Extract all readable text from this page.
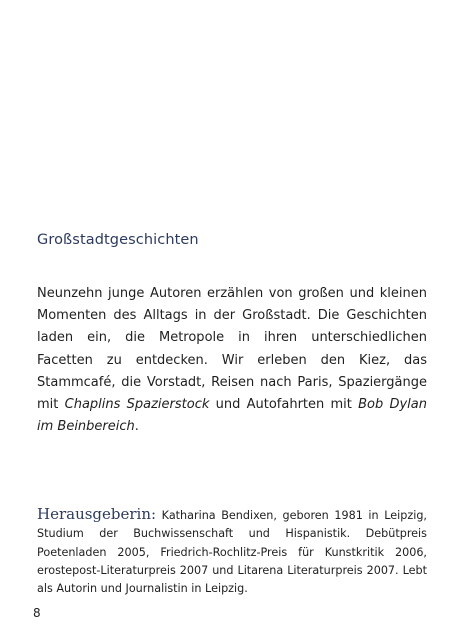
Großstadtgeschichten

Neunzehn junge Autoren erzählen von großen und kleinen Momenten des Alltags in der Großstadt. Die Geschichten laden ein, die Metropole in ihren unterschiedlichen Facetten zu entdecken. Wir erleben den Kiez, das Stammcafé, die Vorstadt, Reisen nach Paris, Spaziergänge mit Chaplins Spazierstock und Autofahrten mit Bob Dylan im Beinbereich.

Herausgeberin: Katharina Bendixen, geboren 1981 in Leipzig, Studium der Buchwissenschaft und Hispanistik. Debütpreis Poetenladen 2005, Friedrich-Rochlitz-Preis für Kunstkritik 2006, erostepost-Literaturpreis 2007 und Litarena Literaturpreis 2007. Lebt als Autorin und Journalistin in Leipzig.

8
